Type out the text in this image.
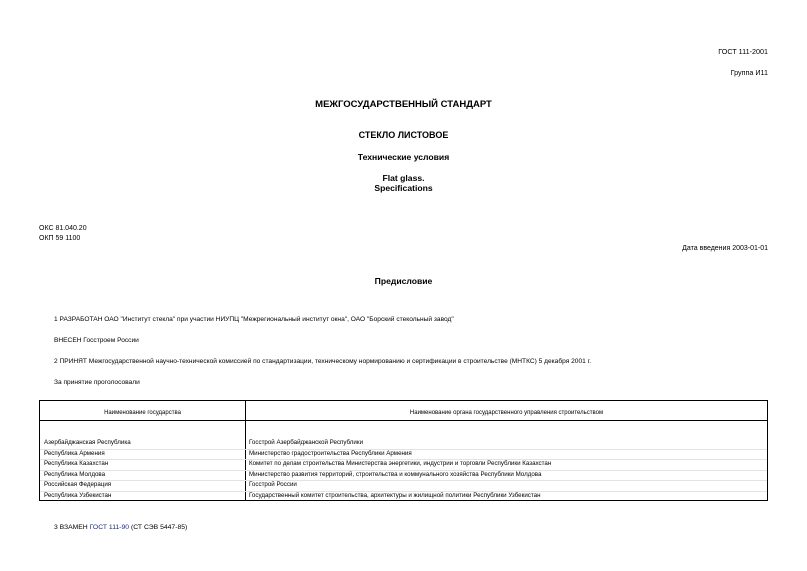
ГОСТ 111-2001
Группа И11
МЕЖГОСУДАРСТВЕННЫЙ СТАНДАРТ
СТЕКЛО ЛИСТОВОЕ
Технические условия
Flat glass.
Specifications
ОКС 81.040.20
ОКП 59 1100
Дата введения 2003-01-01
Предисловие
1 РАЗРАБОТАН ОАО "Институт стекла" при участии НИУПЦ "Межрегиональный институт окна", ОАО "Борский стекольный завод"
ВНЕСЕН Госстроем России
2 ПРИНЯТ Межгосударственной научно-технической комиссией по стандартизации, техническому нормированию и сертификации в строительстве (МНТКС) 5 декабря 2001 г.
За принятие проголосовали
Наименование государства	Наименование органа государственного управления строительством
Азербайджанская Республика	Госстрой Азербайджанской Республики
Республика Армения	Министерство градостроительства Республики Армения
Республика Казахстан	Комитет по делам строительства Министерства энергетики, индустрии и торговли Республики Казахстан
Республика Молдова	Министерство развития территорий, строительства и коммунального хозяйства Республики Молдова
Российская Федерация	Госстрой России
Республика Узбекистан	Государственный комитет строительства, архитектуры и жилищной политики Республики Узбекистан
3 ВЗАМЕН ГОСТ 111-90 (СТ СЭВ 5447-85)
